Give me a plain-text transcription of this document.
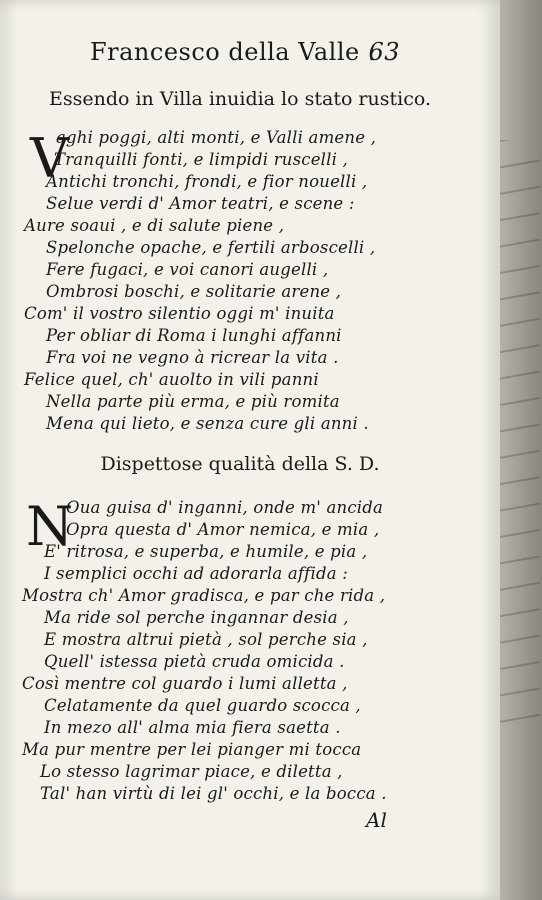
Francesco della Valle .
63
Essendo in Villa inuidia lo stato rustico.
V
aghi poggi, alti monti, e Valli amene ,
Tranquilli fonti, e limpidi ruscelli ,
Antichi tronchi, frondi, e fior nouelli ,
Selue verdi d' Amor teatri, e scene :
Aure soaui , e di salute piene ,
Spelonche opache, e fertili arboscelli ,
Fere fugaci, e voi canori augelli ,
Ombrosi boschi, e solitarie arene ,
Com' il vostro silentio oggi m' inuita
Per obliar di Roma i lunghi affanni
Fra voi ne vegno à ricrear la vita .
Felice quel, ch' auolto in vili panni
Nella parte più erma, e più romita
Mena qui lieto, e senza cure gli anni .
Dispettose qualità della S. D.
N
Oua guisa d' inganni, onde m' ancida
Opra questa d' Amor nemica, e mia ,
E' ritrosa, e superba, e humile, e pia ,
I semplici occhi ad adorarla affida :
Mostra ch' Amor gradisca, e par che rida ,
Ma ride sol perche ingannar desia ,
E mostra altrui pietà , sol perche sia ,
Quell' istessa pietà cruda omicida .
Così mentre col guardo i lumi alletta ,
Celatamente da quel guardo scocca ,
In mezo all' alma mia fiera saetta .
Ma pur mentre per lei pianger mi tocca
Lo stesso lagrimar piace, e diletta ,
Tal' han virtù di lei gl' occhi, e la bocca .
Al
